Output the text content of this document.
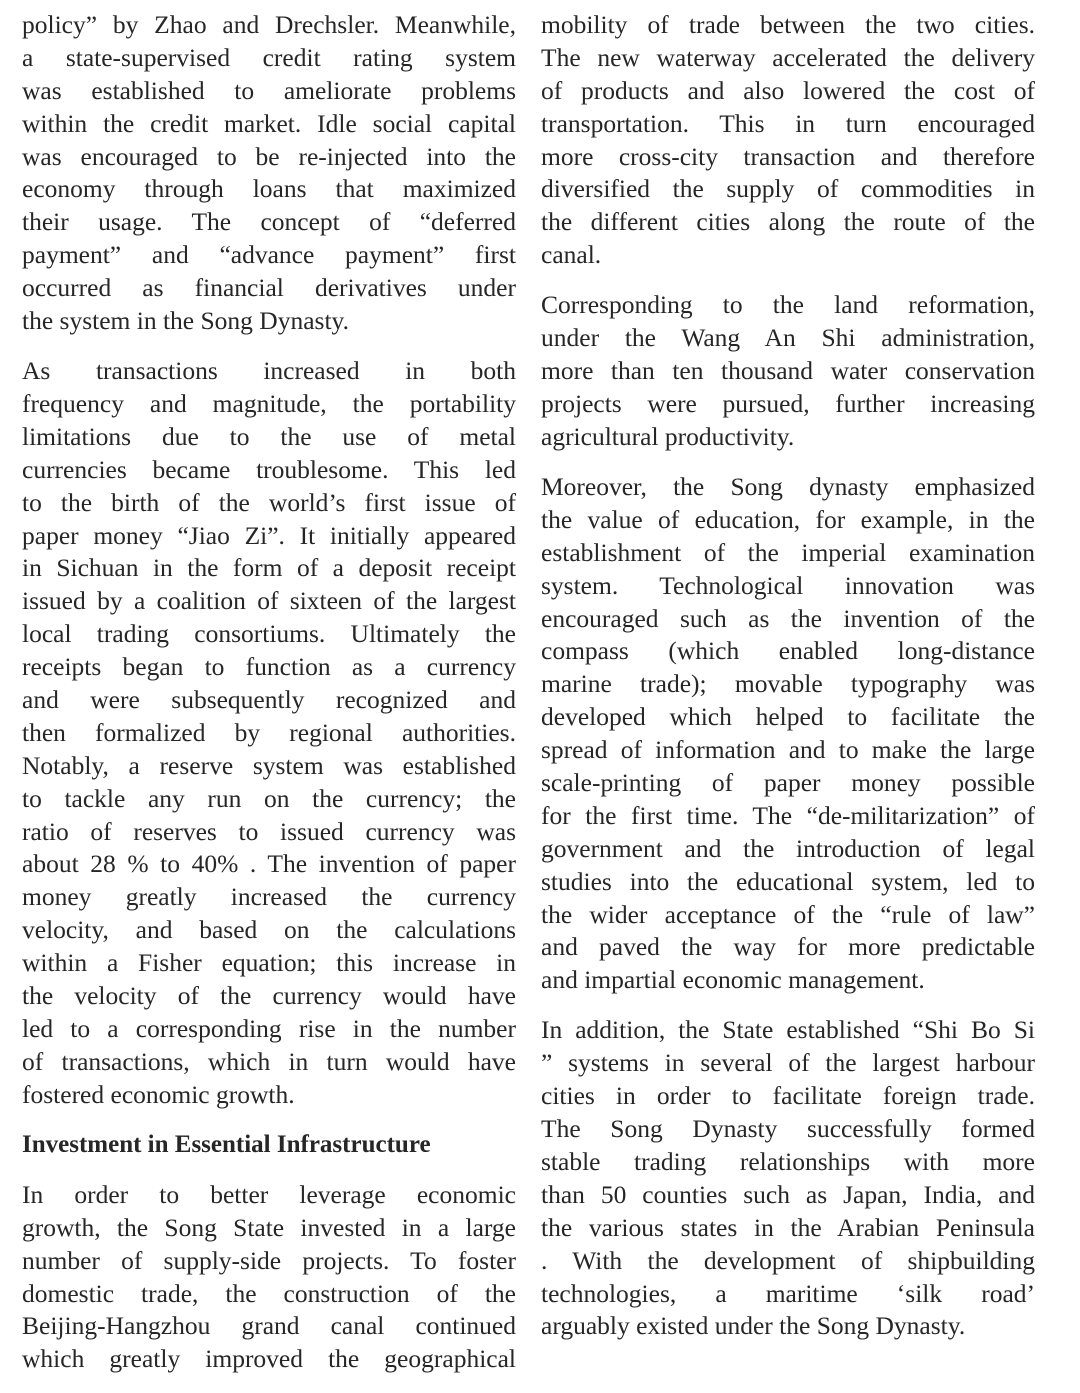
policy” by Zhao and Drechsler. Meanwhile,
a state-supervised credit rating system
was established to ameliorate problems
within the credit market. Idle social capital
was encouraged to be re-injected into the
economy through loans that maximized
their usage. The concept of “deferred
payment” and “advance payment” first
occurred as financial derivatives under
the system in the Song Dynasty.
As transactions increased in both
frequency and magnitude, the portability
limitations due to the use of metal
currencies became troublesome. This led
to the birth of the world’s first issue of
paper money “Jiao Zi”. It initially appeared
in Sichuan in the form of a deposit receipt
issued by a coalition of sixteen of the largest
local trading consortiums. Ultimately the
receipts began to function as a currency
and were subsequently recognized and
then formalized by regional authorities.
Notably, a reserve system was established
to tackle any run on the currency; the
ratio of reserves to issued currency was
about 28 % to 40% . The invention of paper
money greatly increased the currency
velocity, and based on the calculations
within a Fisher equation; this increase in
the velocity of the currency would have
led to a corresponding rise in the number
of transactions, which in turn would have
fostered economic growth.
Investment in Essential Infrastructure
In order to better leverage economic
growth, the Song State invested in a large
number of supply-side projects. To foster
domestic trade, the construction of the
Beijing-Hangzhou grand canal continued
which greatly improved the geographical
mobility of trade between the two cities.
The new waterway accelerated the delivery
of products and also lowered the cost of
transportation. This in turn encouraged
more cross-city transaction and therefore
diversified the supply of commodities in
the different cities along the route of the
canal.
Corresponding to the land reformation,
under the Wang An Shi administration,
more than ten thousand water conservation
projects were pursued, further increasing
agricultural productivity.
Moreover, the Song dynasty emphasized
the value of education, for example, in the
establishment of the imperial examination
system. Technological innovation was
encouraged such as the invention of the
compass (which enabled long-distance
marine trade); movable typography was
developed which helped to facilitate the
spread of information and to make the large
scale-printing of paper money possible
for the first time. The “de-militarization” of
government and the introduction of legal
studies into the educational system, led to
the wider acceptance of the “rule of law”
and paved the way for more predictable
and impartial economic management.
In addition, the State established “Shi Bo Si
” systems in several of the largest harbour
cities in order to facilitate foreign trade.
The Song Dynasty successfully formed
stable trading relationships with more
than 50 counties such as Japan, India, and
the various states in the Arabian Peninsula
. With the development of shipbuilding
technologies, a maritime ‘silk road’
arguably existed under the Song Dynasty.
